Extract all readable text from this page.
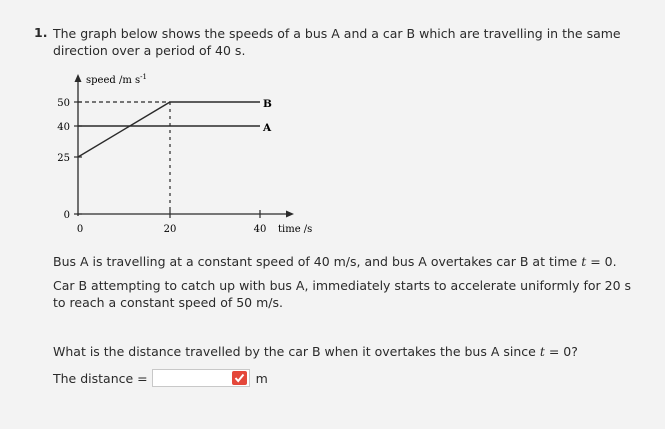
1. The graph below shows the speeds of a bus A and a car B which are travelling in the same direction over a period of 40 s.
50
40
25
0
0	20	40
speed /m $s^{-1}$
time /s
B
A
Bus A is travelling at a constant speed of 40 m/s, and bus A overtakes car B at time t = 0.
Car B attempting to catch up with bus A, immediately starts to accelerate uniformly for 20 s to reach a constant speed of 50 m/s.
What is the distance travelled by the car B when it overtakes the bus A since t = 0?
The distance =	m
